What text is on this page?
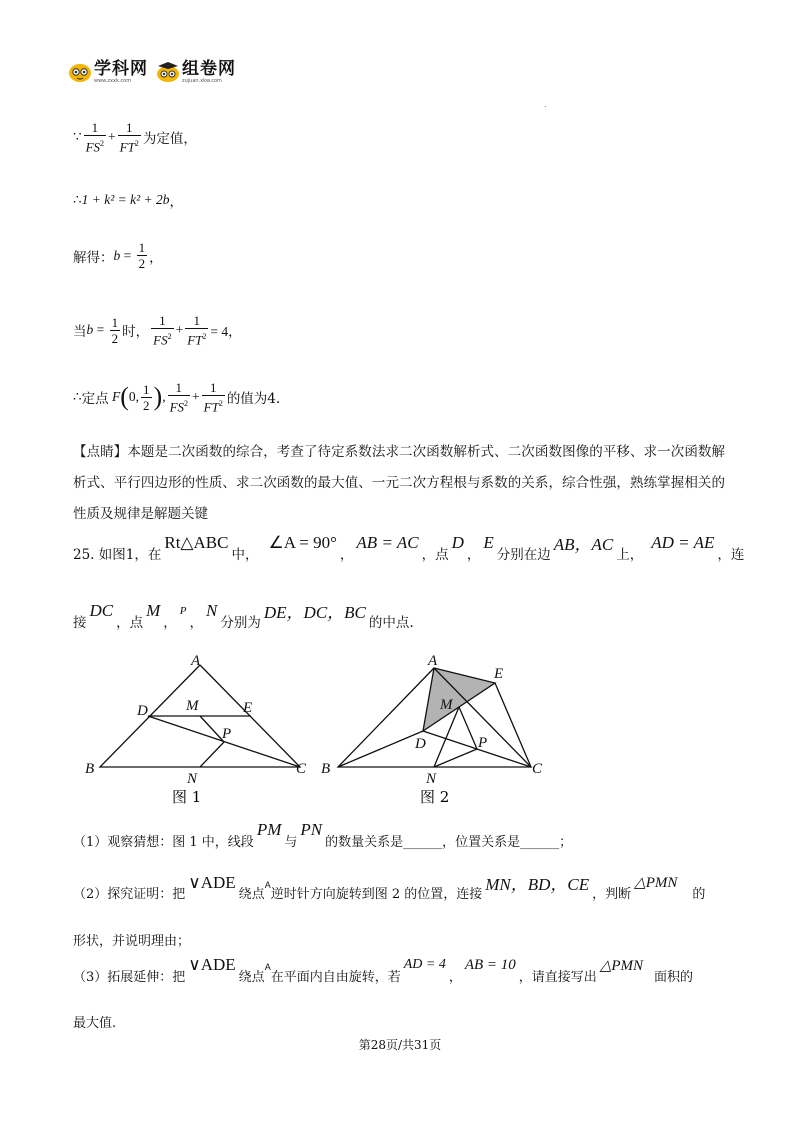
学科网
www.zxxk.com
组卷网
zujuan.xkw.com
.
∵ $\frac{1}{FS^2} + \frac{1}{FT^2}$ 为定值，
∴ 1 + k² = k² + 2b ，
解得： $b = \frac{1}{2}$ ，
当 $b = \frac{1}{2}$ 时， $\frac{1}{FS^2} + \frac{1}{FT^2} = 4$，
∴ 定点 F ( 0, $\frac{1}{2}$ ) , $\frac{1}{FS^2} + \frac{1}{FT^2}$ 的值为4.
【点睛】本题是二次函数的综合，考查了待定系数法求二次函数解析式、二次函数图像的平移、求一次函数解析式、平行四边形的性质、求二次函数的最大值、一元二次方程根与系数的关系，综合性强，熟练掌握相关的性质及规律是解题关键
25. 如图1，在
Rt△ABC
中，
∠A = 90°
，
AB = AC
，点
D
，
E
分别在边
AB，AC
上，
AD = AE
，连
接
DC
，点
M
，
P
，
N
分别为
DE，DC，BC
的中点.
A
B	C
D	E
M
P
N
图 1
A
B	C
D
E
M
P
N
图 2
（1）观察猜想：图 1 中，线段
PM
与
PN
的数量关系是______，位置关系是______；
（2）探究证明：把
∨ADE
绕点
A
逆时针方向旋转到图 2 的位置，连接
MN，BD，CE
，判断
△PMN
的
形状，并说明理由；
（3）拓展延伸：把
∨ADE
绕点
A
在平面内自由旋转，若
AD = 4
，
AB = 10
，请直接写出
△PMN
面积的
最大值.
第28页/共31页
